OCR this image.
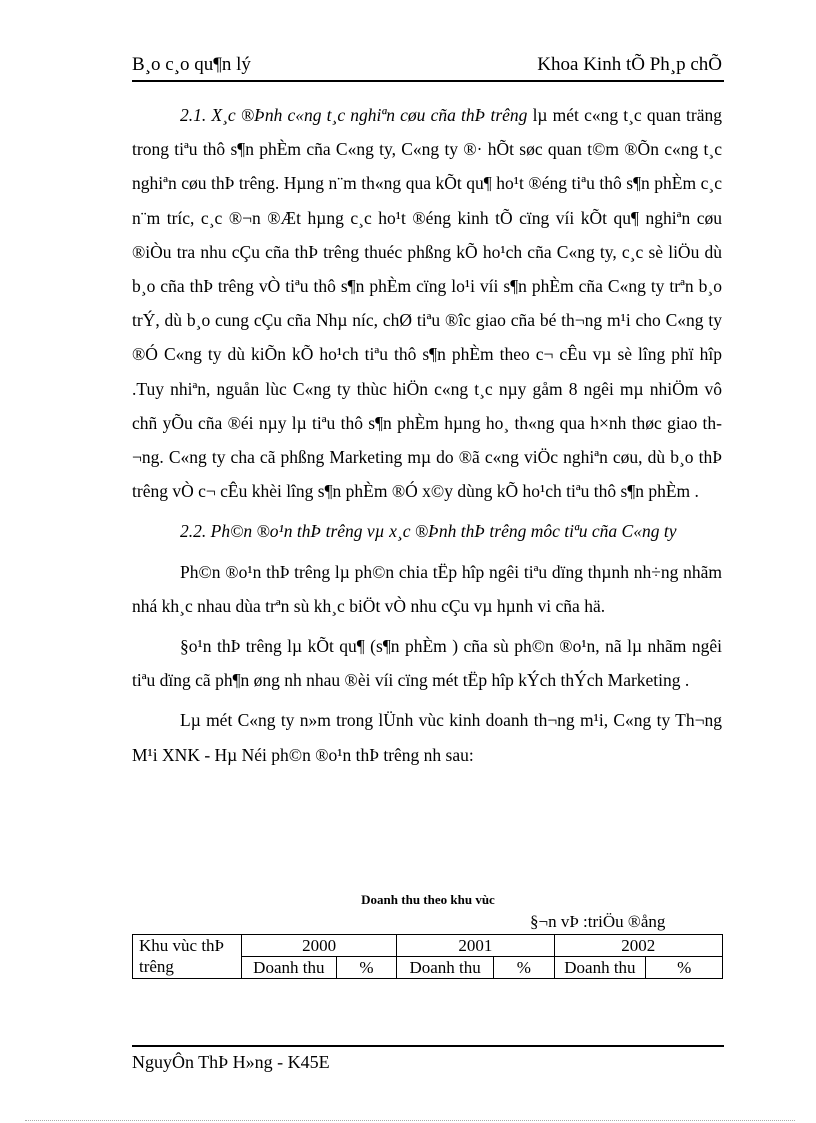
B¸o c¸o qu¶n lý	Khoa Kinh tÕ Ph¸p chÕ

2.1. X¸c ®Þnh c«ng t¸c nghiªn cøu cña thÞ trêng lµ mét c«ng t¸c quan träng trong tiªu thô s¶n phÈm cña C«ng ty, C«ng ty ®· hÕt søc quan t©m ®Õn c«ng t¸c nghiªn cøu thÞ trêng. Hµng n¨m th«ng qua kÕt qu¶ ho¹t ®éng tiªu thô s¶n phÈm c¸c n¨m tríc, c¸c ®¬n ®Æt hµng c¸c ho¹t ®éng kinh tÕ cïng víi kÕt qu¶ nghiªn cøu ®iÒu tra nhu cÇu cña thÞ trêng thuéc phßng kÕ ho¹ch cña C«ng ty, c¸c sè liÖu dù b¸o cña thÞ trêng vÒ tiªu thô s¶n phÈm cïng lo¹i víi s¶n phÈm cña C«ng ty trªn b¸o trÝ, dù b¸o cung cÇu cña Nhµ níc, chØ tiªu ®îc giao cña bé th¬ng m¹i cho C«ng ty ®Ó C«ng ty dù kiÕn kÕ ho¹ch tiªu thô s¶n phÈm theo c¬ cÊu vµ sè lîng phï hîp .Tuy nhiªn, nguån lùc C«ng ty thùc hiÖn c«ng t¸c nµy gåm 8 ngêi mµ nhiÖm vô chñ yÕu cña ®éi nµy lµ tiªu thô s¶n phÈm hµng ho¸ th«ng qua h×nh thøc giao th¬ng. C«ng ty cha cã phßng Marketing mµ do ®ã c«ng viÖc nghiªn cøu, dù b¸o thÞ trêng vÒ c¬ cÊu khèi lîng s¶n phÈm ®Ó x©y dùng kÕ ho¹ch tiªu thô s¶n phÈm .

2.2. Ph©n ®o¹n thÞ trêng vµ x¸c ®Þnh thÞ trêng môc tiªu cña C«ng ty

Ph©n ®o¹n thÞ trêng lµ ph©n chia tËp hîp ngêi tiªu dïng thµnh nh÷ng nhãm nhá kh¸c nhau dùa trªn sù kh¸c biÖt vÒ nhu cÇu vµ hµnh vi cña hä.

§o¹n thÞ trêng lµ kÕt qu¶ (s¶n phÈm ) cña sù ph©n ®o¹n, nã lµ nhãm ngêi tiªu dïng cã ph¶n øng nh nhau ®èi víi cïng mét tËp hîp kÝch thÝch Marketing .

Lµ mét C«ng ty n»m trong lÜnh vùc kinh doanh th¬ng m¹i, C«ng ty Th¬ng M¹i XNK - Hµ Néi ph©n ®o¹n thÞ trêng nh sau:

Doanh thu theo khu vùc
§¬n vÞ :triÖu ®ång
Khu vùc thÞ trêng	2000		2001		2002	
	Doanh thu	%	Doanh thu	%	Doanh thu	%
NguyÔn ThÞ H»ng - K45E
